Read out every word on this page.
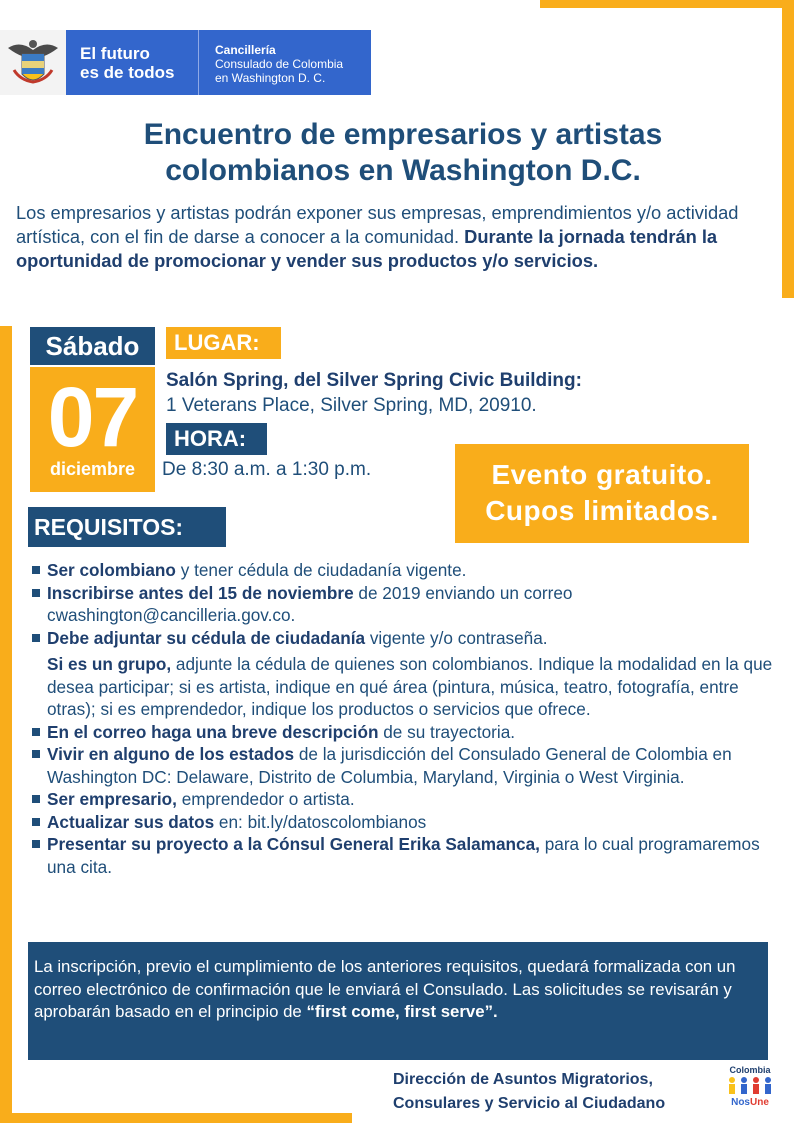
El futuro
es de todos
Cancillería
Consulado de Colombia
en Washington D. C.
Encuentro de empresarios y artistas
colombianos en Washington D.C.
Los empresarios y artistas podrán exponer sus empresas, emprendimientos y/o actividad artística, con el fin de darse a conocer a la comunidad. Durante la jornada tendrán la oportunidad de promocionar y vender sus productos y/o servicios.
Sábado
07
diciembre
LUGAR:
Salón Spring, del Silver Spring Civic Building:
1 Veterans Place, Silver Spring, MD, 20910.
HORA:
De 8:30 a.m. a 1:30 p.m.	Evento gratuito.
Cupos limitados.
REQUISITOS:
Ser colombiano y tener cédula de ciudadanía vigente.
Inscribirse antes del 15 de noviembre de 2019 enviando un correo cwashington@cancilleria.gov.co.
Debe adjuntar su cédula de ciudadanía vigente y/o contraseña.
Si es un grupo, adjunte la cédula de quienes son colombianos. Indique la modalidad en la que desea participar; si es artista, indique en qué área (pintura, música, teatro, fotografía, entre otras); si es emprendedor, indique los productos o servicios que ofrece.
En el correo haga una breve descripción de su trayectoria.
Vivir en alguno de los estados de la jurisdicción del Consulado General de Colombia en Washington DC: Delaware, Distrito de Columbia, Maryland, Virginia o West Virginia.
Ser empresario, emprendedor o artista.
Actualizar sus datos en: bit.ly/datoscolombianos
Presentar su proyecto a la Cónsul General Erika Salamanca, para lo cual programaremos una cita.
La inscripción, previo el cumplimiento de los anteriores requisitos, quedará formalizada con un correo electrónico de confirmación que le enviará el Consulado. Las solicitudes se revisarán y aprobarán basado en el principio de “first come, first serve”.
Dirección de Asuntos Migratorios,
Consulares y Servicio al Ciudadano
Colombia
NosUne
